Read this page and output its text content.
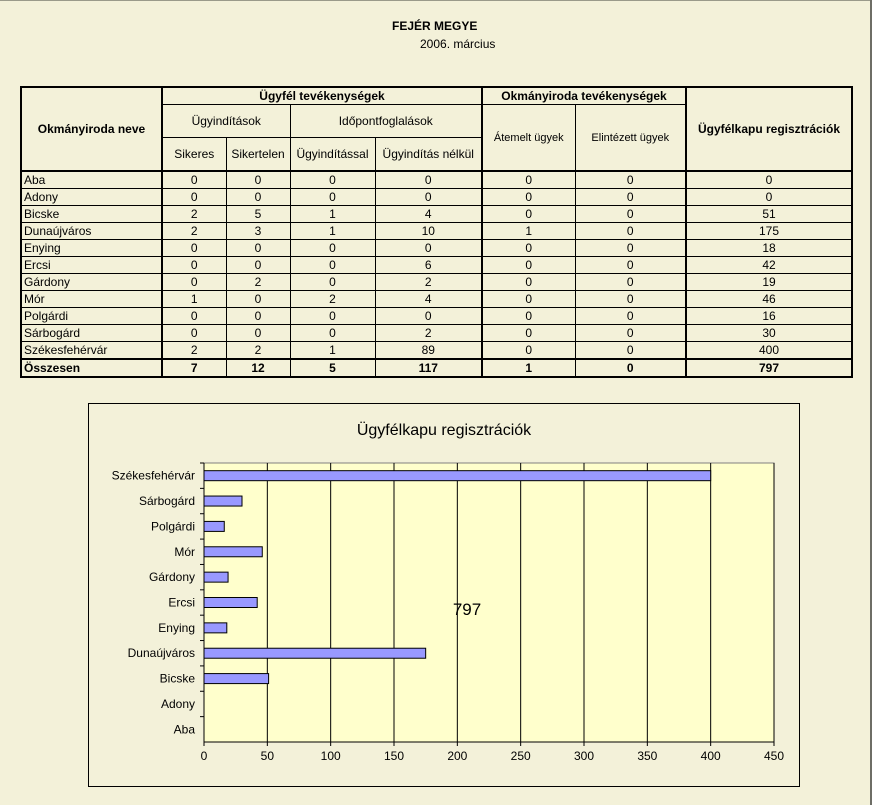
FEJÉR MEGYE
2006. március
Okmányiroda neve	Ügyfél tevékenységek				Okmányiroda tevékenységek		Ügyfélkapu regisztrációk
	Ügyindítások		Időpontfoglalások		Átemelt ügyek	Elintézett ügyek	
	Sikeres	Sikertelen	Ügyindítással	Ügyindítás nélkül			
Aba	0	0	0	0	0	0	0
Adony	0	0	0	0	0	0	0
Bicske	2	5	1	4	0	0	51
Dunaújváros	2	3	1	10	1	0	175
Enying	0	0	0	0	0	0	18
Ercsi	0	0	0	6	0	0	42
Gárdony	0	2	0	2	0	0	19
Mór	1	0	2	4	0	0	46
Polgárdi	0	0	0	0	0	0	16
Sárbogárd	0	0	0	2	0	0	30
Székesfehérvár	2	2	1	89	0	0	400
Összesen	7	12	5	117	1	0	797
Ügyfélkapu regisztrációk
0	50	100	150	200	250	300	350	400	450
Székesfehérvár
Sárbogárd
Polgárdi
Mór
Gárdony
Ercsi
Enying
Dunaújváros
Bicske
Adony
Aba
797
